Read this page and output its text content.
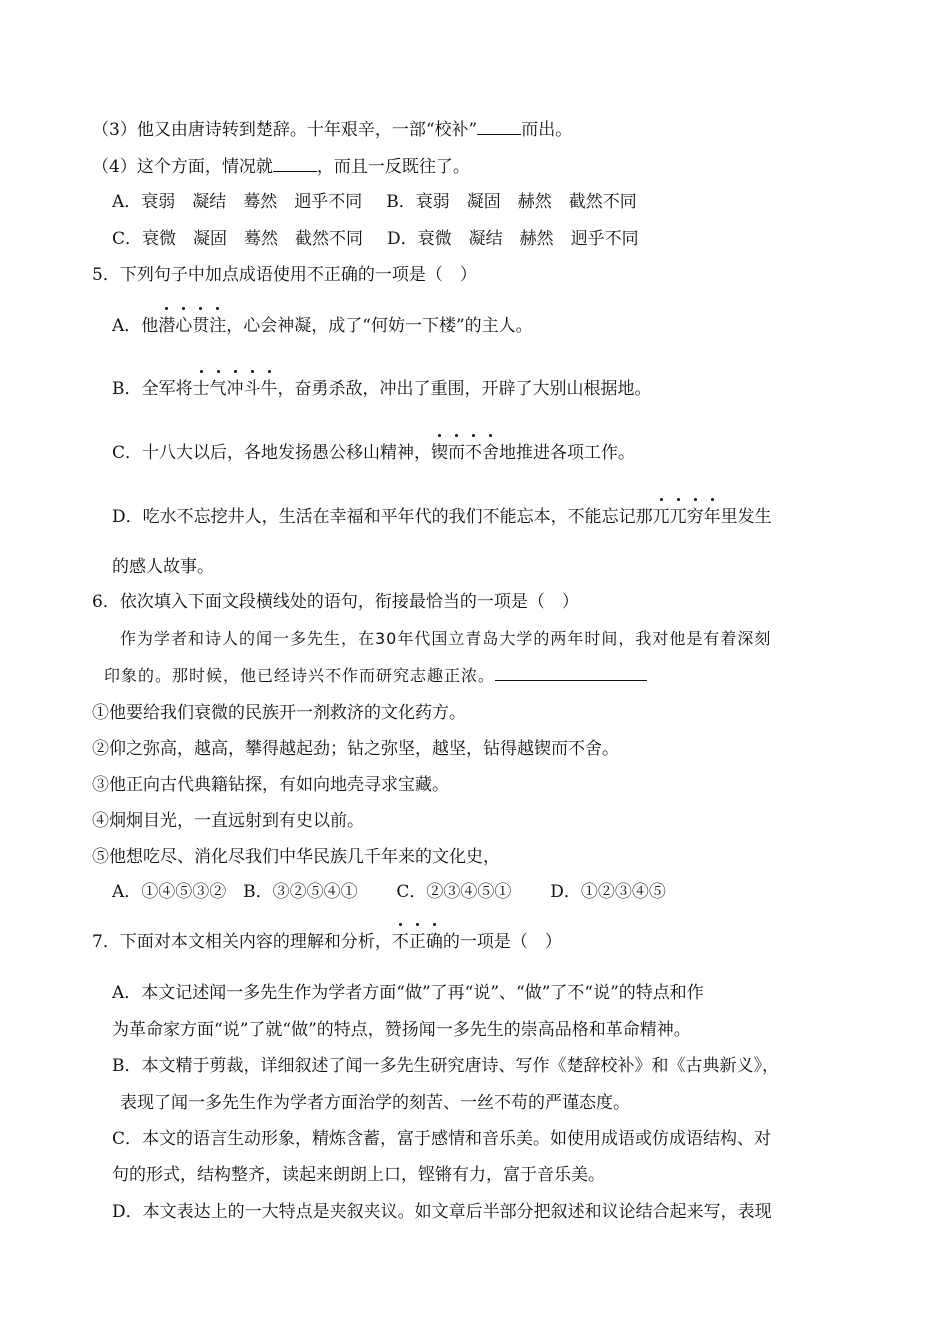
（3）他又由唐诗转到楚辞。十年艰辛，一部“校补”	而出。
（4）这个方面，情况就	，而且一反既往了。
A．衰弱　凝结　蓦然　迥乎不同 B．衰弱　凝固　赫然　截然不同
C．衰微　凝固　蓦然　截然不同 D．衰微　凝结　赫然　迥乎不同
5．下列句子中加点成语使用不正确的一项是（　）
A．他潜心贯注，心会神凝，成了“何妨一下楼”的主人。
B．全军将士气冲斗牛，奋勇杀敌，冲出了重围，开辟了大别山根据地。
C．十八大以后，各地发扬愚公移山精神，锲而不舍地推进各项工作。
D．吃水不忘挖井人，生活在幸福和平年代的我们不能忘本，不能忘记那兀兀穷年里发生
的感人故事。
6．依次填入下面文段横线处的语句，衔接最恰当的一项是（　）
作为学者和诗人的闻一多先生，在30年代国立青岛大学的两年时间，我对他是有着深刻
印象的。那时候，他已经诗兴不作而研究志趣正浓。
①他要给我们衰微的民族开一剂救济的文化药方。
②仰之弥高，越高，攀得越起劲；钻之弥坚，越坚，钻得越锲而不舍。
③他正向古代典籍钻探，有如向地壳寻求宝藏。
④炯炯目光，一直远射到有史以前。
⑤他想吃尽、消化尽我们中华民族几千年来的文化史，
A．①④⑤③② B．③②⑤④① C．②③④⑤① D．①②③④⑤
7．下面对本文相关内容的理解和分析，不正确的一项是（　）
A．本文记述闻一多先生作为学者方面“做”了再“说”、“做”了不“说”的特点和作
为革命家方面“说”了就“做”的特点，赞扬闻一多先生的崇高品格和革命精神。
B．本文精于剪裁，详细叙述了闻一多先生研究唐诗、写作《楚辞校补》和《古典新义》，
表现了闻一多先生作为学者方面治学的刻苦、一丝不苟的严谨态度。
C．本文的语言生动形象，精炼含蓄，富于感情和音乐美。如使用成语或仿成语结构、对
句的形式，结构整齐，读起来朗朗上口，铿锵有力，富于音乐美。
D．本文表达上的一大特点是夹叙夹议。如文章后半部分把叙述和议论结合起来写，表现
